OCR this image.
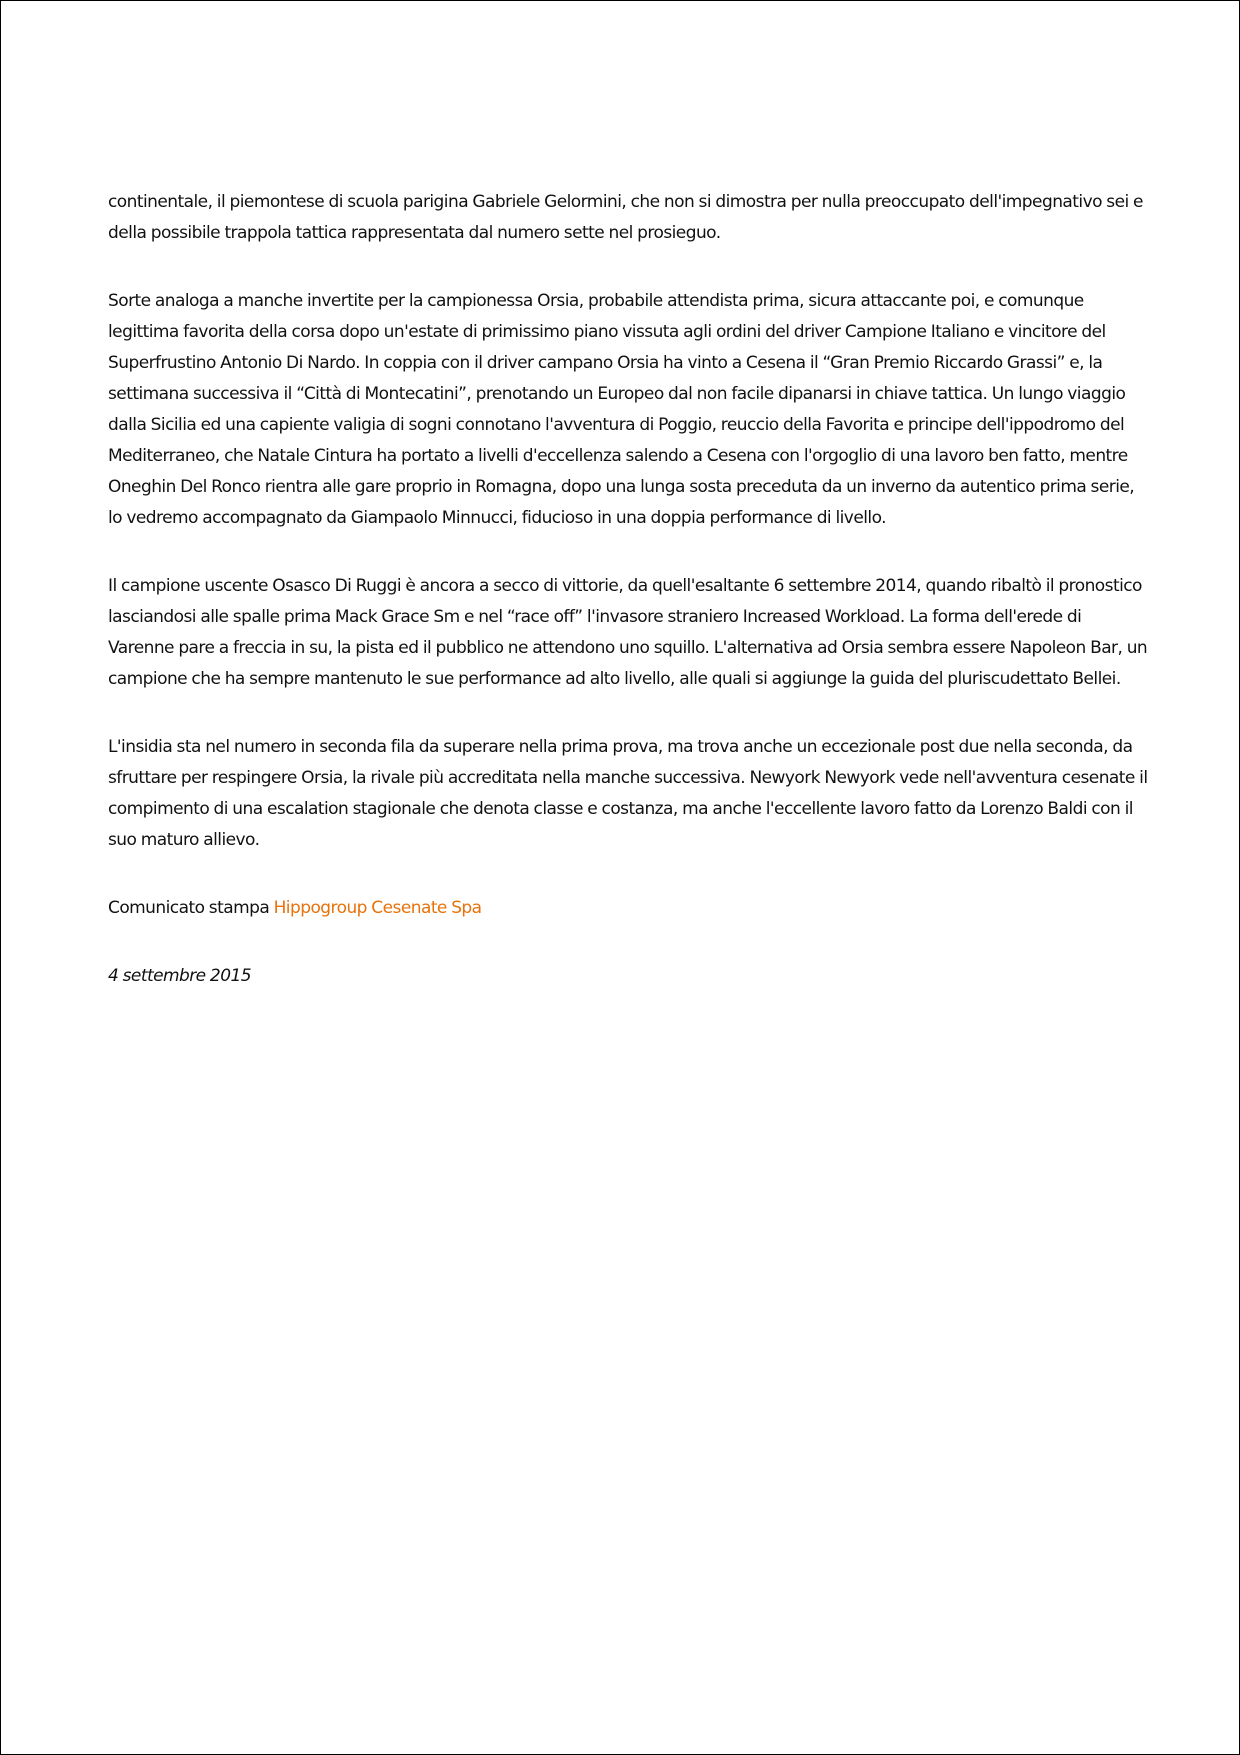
continentale, il piemontese di scuola parigina Gabriele Gelormini, che non si dimostra per nulla preoccupato dell'impegnativo sei e della possibile trappola tattica rappresentata dal numero sette nel prosieguo.

Sorte analoga a manche invertite per la campionessa Orsia, probabile attendista prima, sicura attaccante poi, e comunque legittima favorita della corsa dopo un'estate di primissimo piano vissuta agli ordini del driver Campione Italiano e vincitore del Superfrustino Antonio Di Nardo. In coppia con il driver campano Orsia ha vinto a Cesena il “Gran Premio Riccardo Grassi” e, la settimana successiva il “Città di Montecatini”, prenotando un Europeo dal non facile dipanarsi in chiave tattica. Un lungo viaggio dalla Sicilia ed una capiente valigia di sogni connotano l'avventura di Poggio, reuccio della Favorita e principe dell'ippodromo del Mediterraneo, che Natale Cintura ha portato a livelli d'eccellenza salendo a Cesena con l'orgoglio di una lavoro ben fatto, mentre Oneghin Del Ronco rientra alle gare proprio in Romagna, dopo una lunga sosta preceduta da un inverno da autentico prima serie, lo vedremo accompagnato da Giampaolo Minnucci, fiducioso in una doppia performance di livello.

Il campione uscente Osasco Di Ruggi è ancora a secco di vittorie, da quell'esaltante 6 settembre 2014, quando ribaltò il pronostico lasciandosi alle spalle prima Mack Grace Sm e nel “race off” l'invasore straniero Increased Workload. La forma dell'erede di Varenne pare a freccia in su, la pista ed il pubblico ne attendono uno squillo. L'alternativa ad Orsia sembra essere Napoleon Bar, un campione che ha sempre mantenuto le sue performance ad alto livello, alle quali si aggiunge la guida del pluriscudettato Bellei.

L'insidia sta nel numero in seconda fila da superare nella prima prova, ma trova anche un eccezionale post due nella seconda, da sfruttare per respingere Orsia, la rivale più accreditata nella manche successiva. Newyork Newyork vede nell'avventura cesenate il compimento di una escalation stagionale che denota classe e costanza, ma anche l'eccellente lavoro fatto da Lorenzo Baldi con il suo maturo allievo.

Comunicato stampa Hippogroup Cesenate Spa

4 settembre 2015
